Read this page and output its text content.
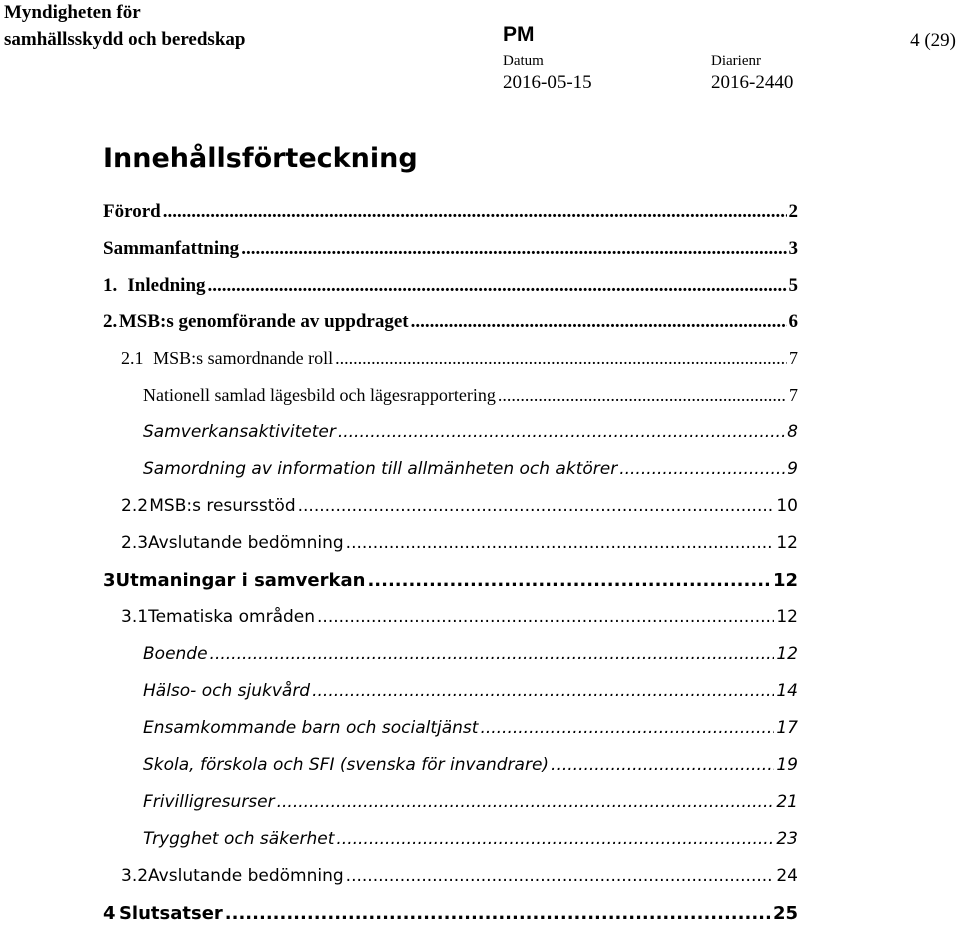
Myndigheten för
samhällsskydd och beredskap	PM	4 (29)
Datum	Diarienr
2016-05-15	2016-2440
Innehållsförteckning
Förord .....	2
Sammanfattning .....	3
1. Inledning .....	5
2. MSB:s genomförande av uppdraget .....	6
2.1 MSB:s samordnande roll .....	7
Nationell samlad lägesbild och lägesrapportering .....	7
Samverkansaktiviteter .....	8
Samordning av information till allmänheten och aktörer .....	9
2.2 MSB:s resursstöd .....	10
2.3 Avslutande bedömning .....	12
3 Utmaningar i samverkan .....	12
3.1 Tematiska områden .....	12
Boende .....	12
Hälso- och sjukvård .....	14
Ensamkommande barn och socialtjänst .....	17
Skola, förskola och SFI (svenska för invandrare) .....	19
Frivilligresurser .....	21
Trygghet och säkerhet .....	23
3.2 Avslutande bedömning .....	24
4 Slutsatser .....	25
